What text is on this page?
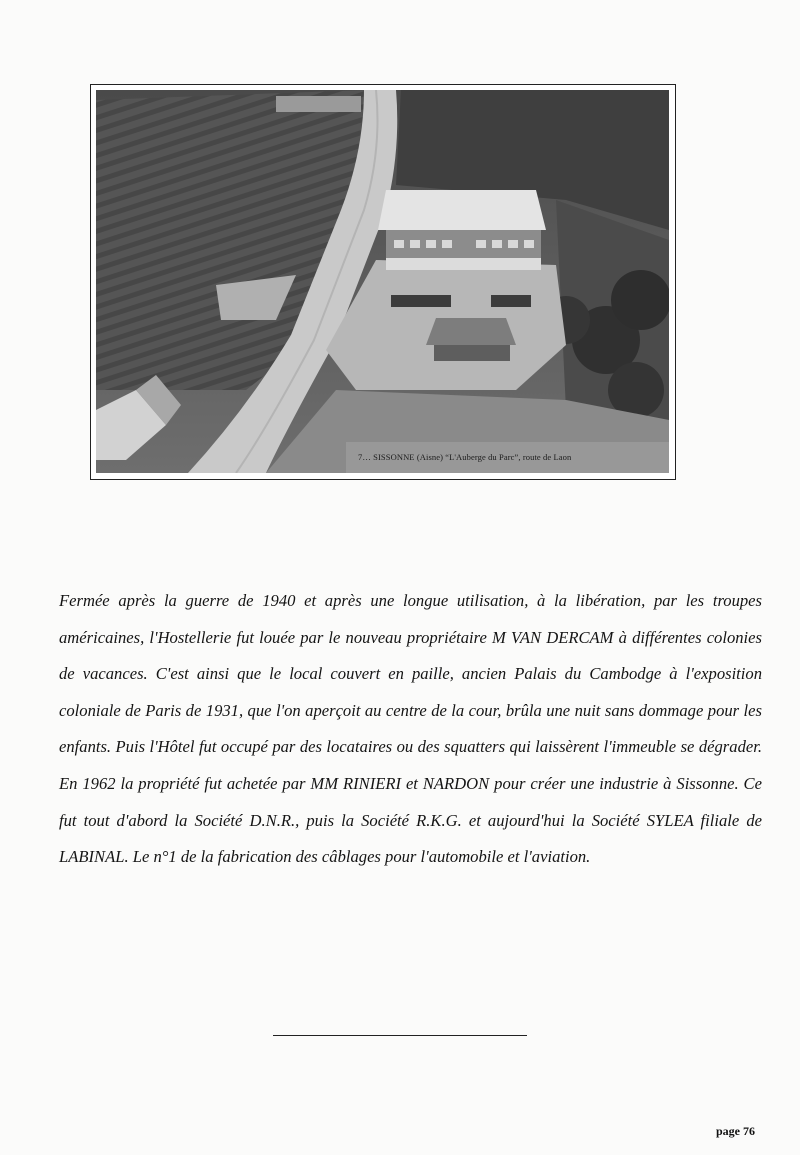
7… SISSONNE (Aisne) “L'Auberge du Parc”, route de Laon

Fermée après la guerre de 1940 et après une longue utilisation, à la libération, par les troupes américaines, l'Hostellerie fut louée par le nouveau propriétaire M VAN DERCAM à différentes colonies de vacances. C'est ainsi que le local couvert en paille, ancien Palais du Cambodge à l'exposition coloniale de Paris de 1931, que l'on aperçoit au centre de la cour, brûla une nuit sans dommage pour les enfants. Puis l'Hôtel fut occupé par des locataires ou des squatters qui laissèrent l'immeuble se dégrader. En 1962 la propriété fut achetée par MM RINIERI et NARDON pour créer une industrie à Sissonne. Ce fut tout d'abord la Société D.N.R., puis la Société R.K.G. et aujourd'hui la Société SYLEA filiale de LABINAL. Le n°1 de la fabrication des câblages pour l'automobile et l'aviation.

page 76
